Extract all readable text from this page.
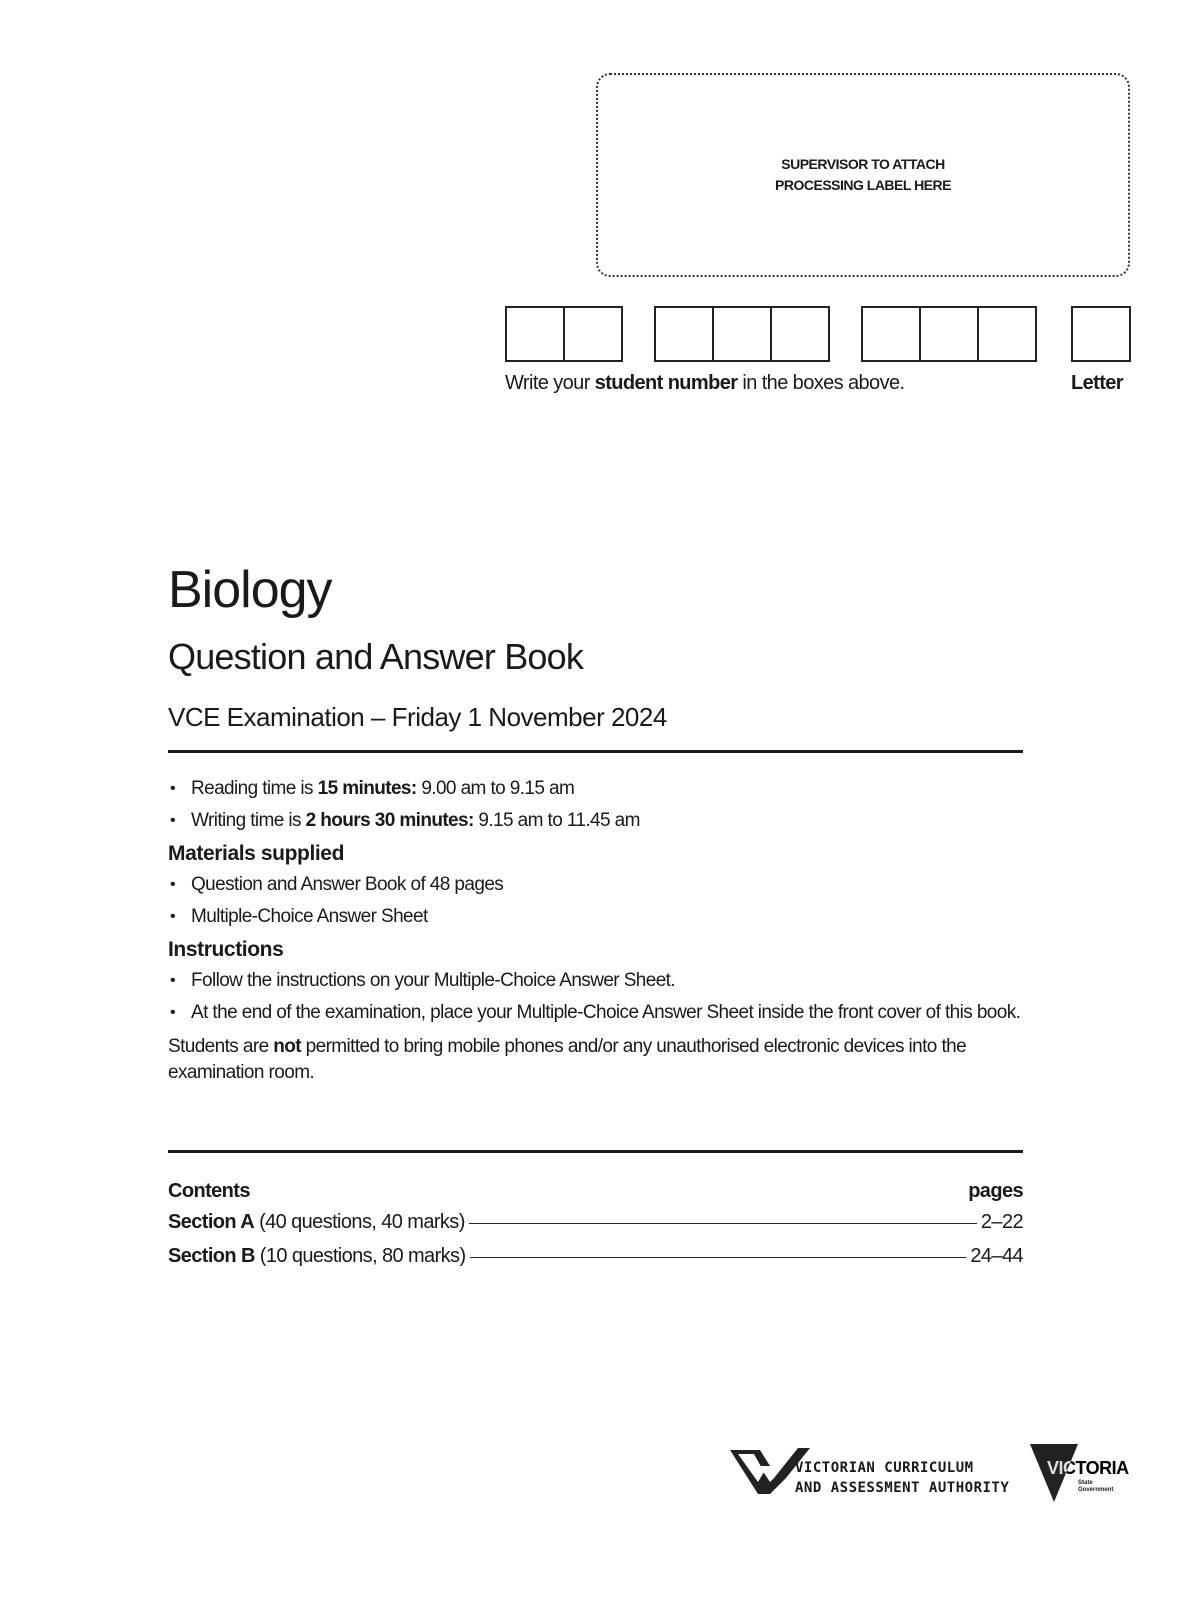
SUPERVISOR TO ATTACH
PROCESSING LABEL HERE
Write your student number in the boxes above.	Letter
Biology
Question and Answer Book
VCE Examination – Friday 1 November 2024
• Reading time is 15 minutes: 9.00 am to 9.15 am
• Writing time is 2 hours 30 minutes: 9.15 am to 11.45 am
Materials supplied
• Question and Answer Book of 48 pages
• Multiple-Choice Answer Sheet
Instructions
• Follow the instructions on your Multiple-Choice Answer Sheet.
• At the end of the examination, place your Multiple-Choice Answer Sheet inside the front cover of this book.
Students are not permitted to bring mobile phones and/or any unauthorised electronic devices into the examination room.
Contents	pages
Section A (40 questions, 40 marks)	2–22
Section B (10 questions, 80 marks)	24–44
VICTORIAN CURRICULUM
AND ASSESSMENT AUTHORITY
VICTORIA
State
Government
